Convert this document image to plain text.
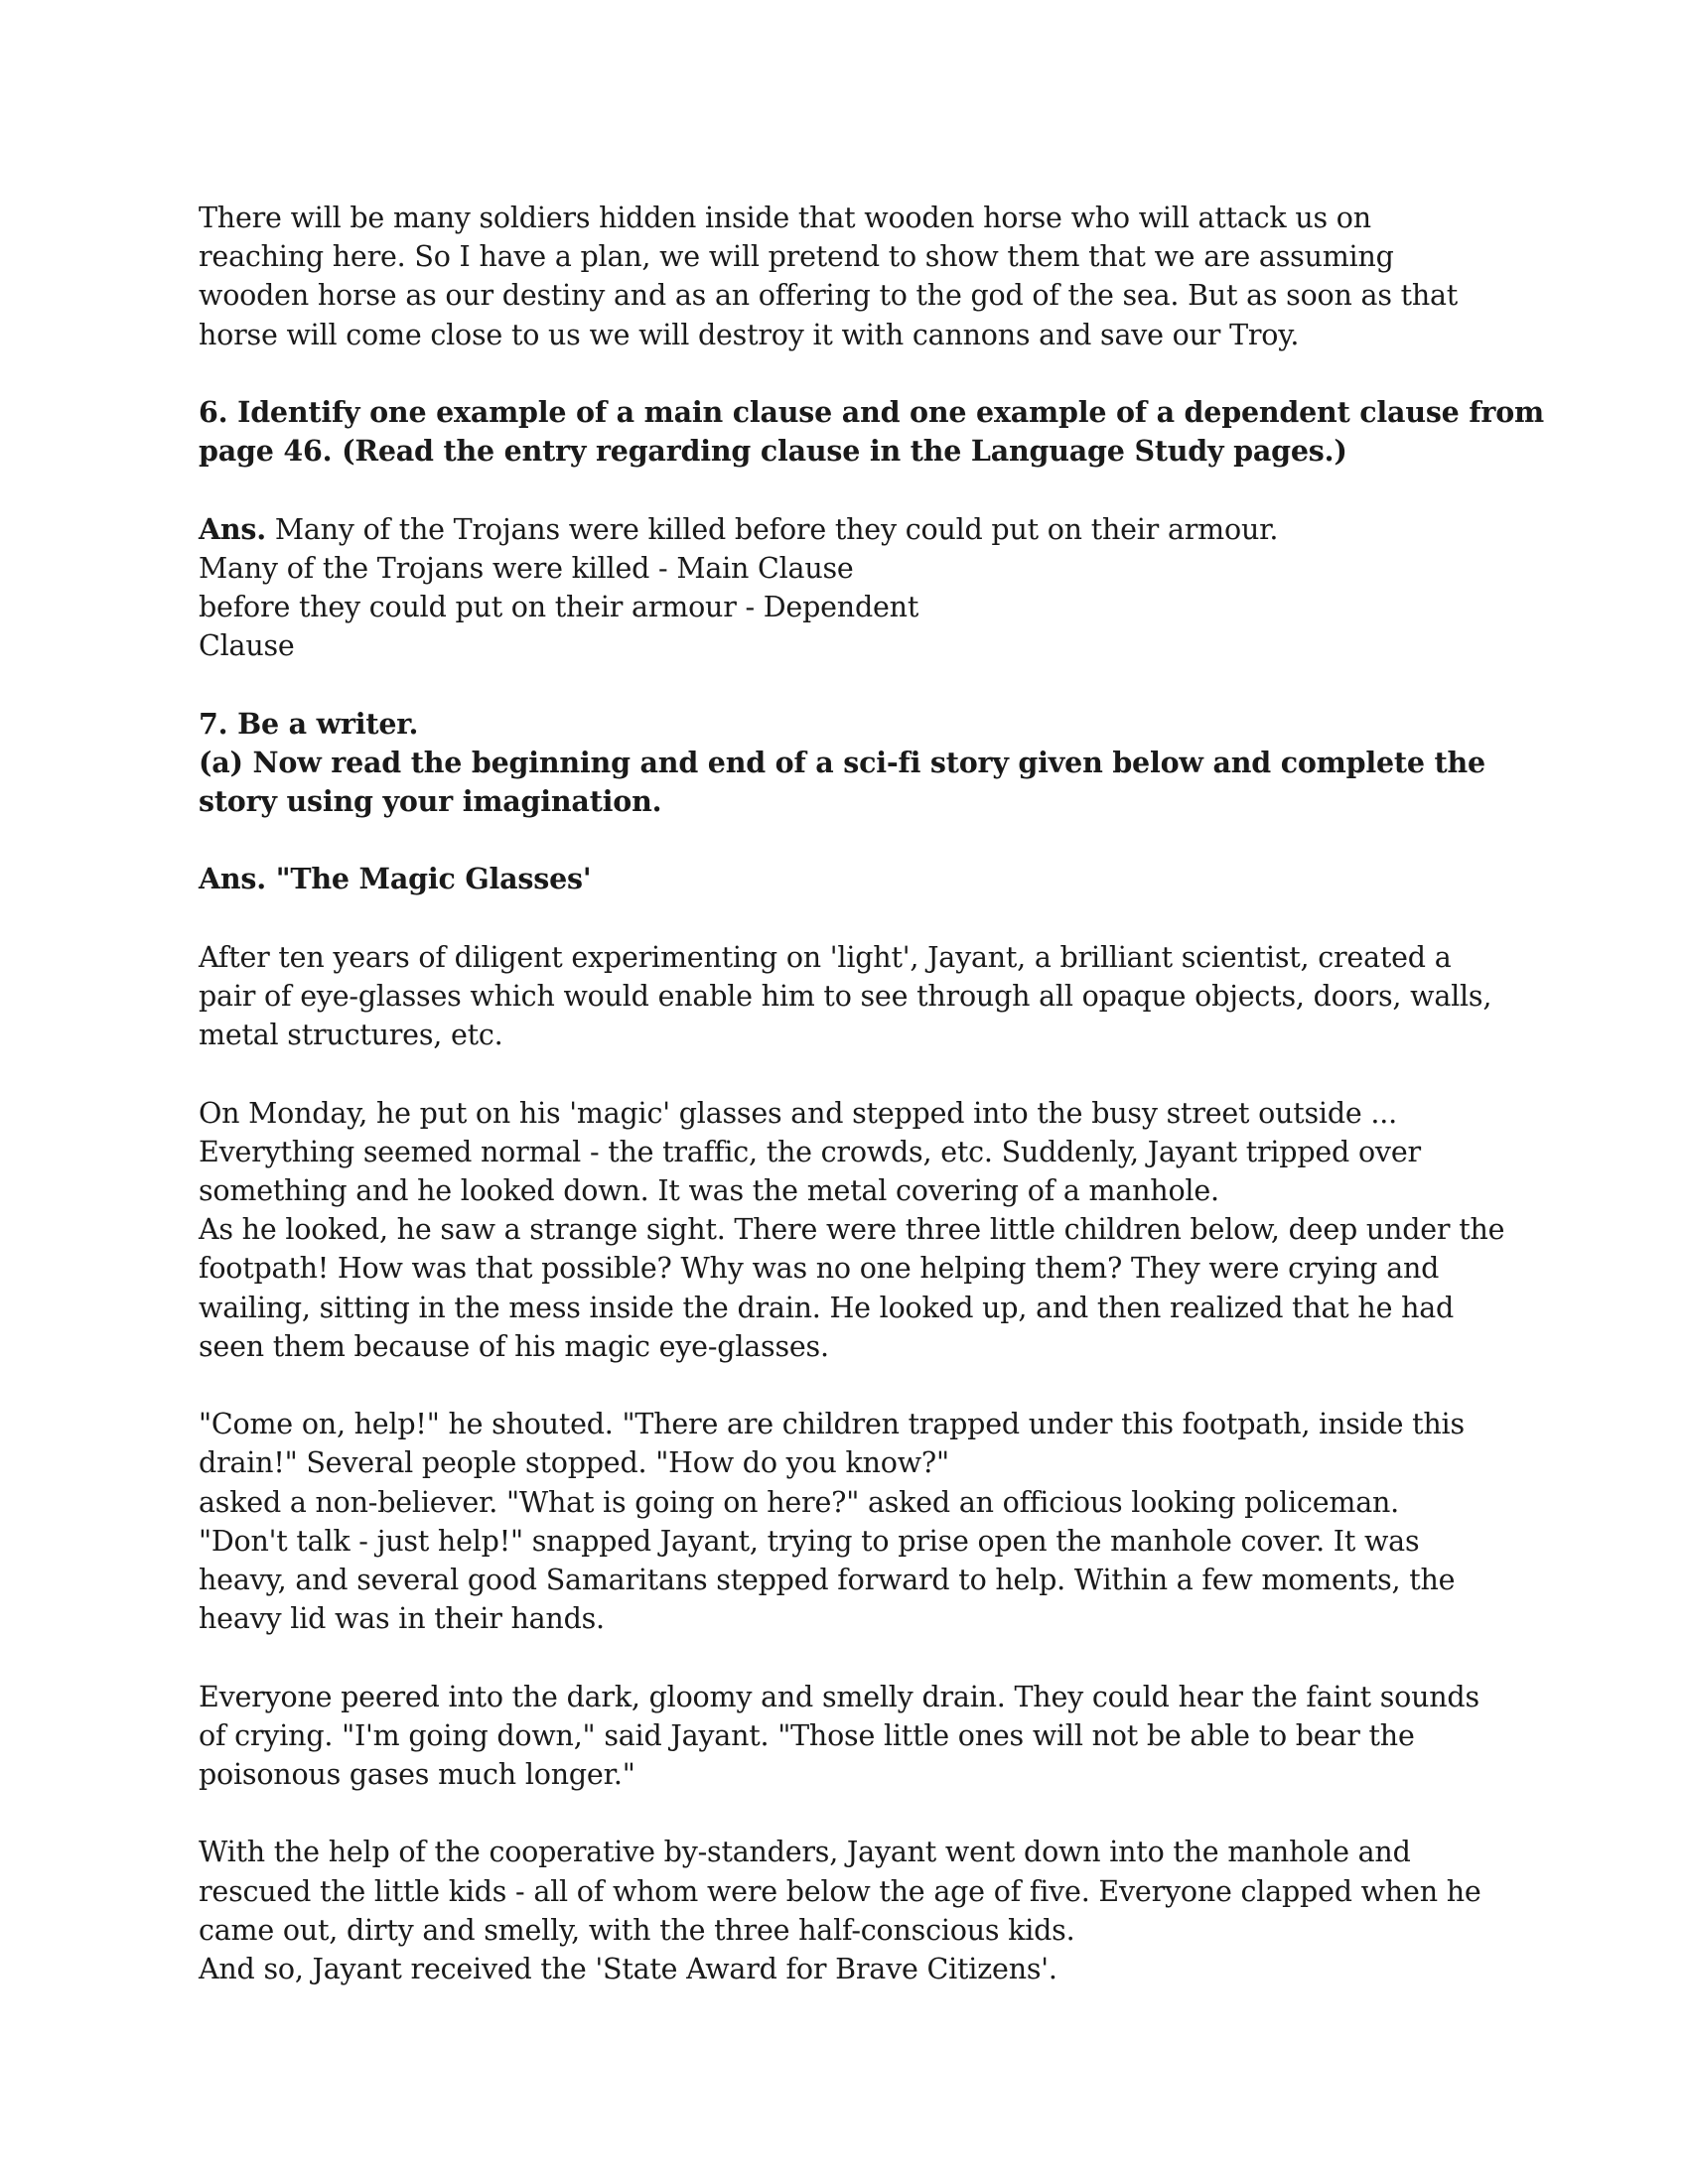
There will be many soldiers hidden inside that wooden horse who will attack us on
reaching here. So I have a plan, we will pretend to show them that we are assuming
wooden horse as our destiny and as an offering to the god of the sea. But as soon as that
horse will come close to us we will destroy it with cannons and save our Troy.
6. Identify one example of a main clause and one example of a dependent clause from
page 46. (Read the entry regarding clause in the Language Study pages.)
Ans. Many of the Trojans were killed before they could put on their armour.
Many of the Trojans were killed - Main Clause
before they could put on their armour - Dependent
Clause
7. Be a writer.
(a) Now read the beginning and end of a sci-fi story given below and complete the
story using your imagination.
Ans. "The Magic Glasses'
After ten years of diligent experimenting on 'light', Jayant, a brilliant scientist, created a
pair of eye-glasses which would enable him to see through all opaque objects, doors, walls,
metal structures, etc.
On Monday, he put on his 'magic' glasses and stepped into the busy street outside ...
Everything seemed normal - the traffic, the crowds, etc. Suddenly, Jayant tripped over
something and he looked down. It was the metal covering of a manhole.
As he looked, he saw a strange sight. There were three little children below, deep under the
footpath! How was that possible? Why was no one helping them? They were crying and
wailing, sitting in the mess inside the drain. He looked up, and then realized that he had
seen them because of his magic eye-glasses.
"Come on, help!" he shouted. "There are children trapped under this footpath, inside this
drain!" Several people stopped. "How do you know?"
asked a non-believer. "What is going on here?" asked an officious looking policeman.
"Don't talk - just help!" snapped Jayant, trying to prise open the manhole cover. It was
heavy, and several good Samaritans stepped forward to help. Within a few moments, the
heavy lid was in their hands.
Everyone peered into the dark, gloomy and smelly drain. They could hear the faint sounds
of crying. "I'm going down," said Jayant. "Those little ones will not be able to bear the
poisonous gases much longer."
With the help of the cooperative by-standers, Jayant went down into the manhole and
rescued the little kids - all of whom were below the age of five. Everyone clapped when he
came out, dirty and smelly, with the three half-conscious kids.
And so, Jayant received the 'State Award for Brave Citizens'.
